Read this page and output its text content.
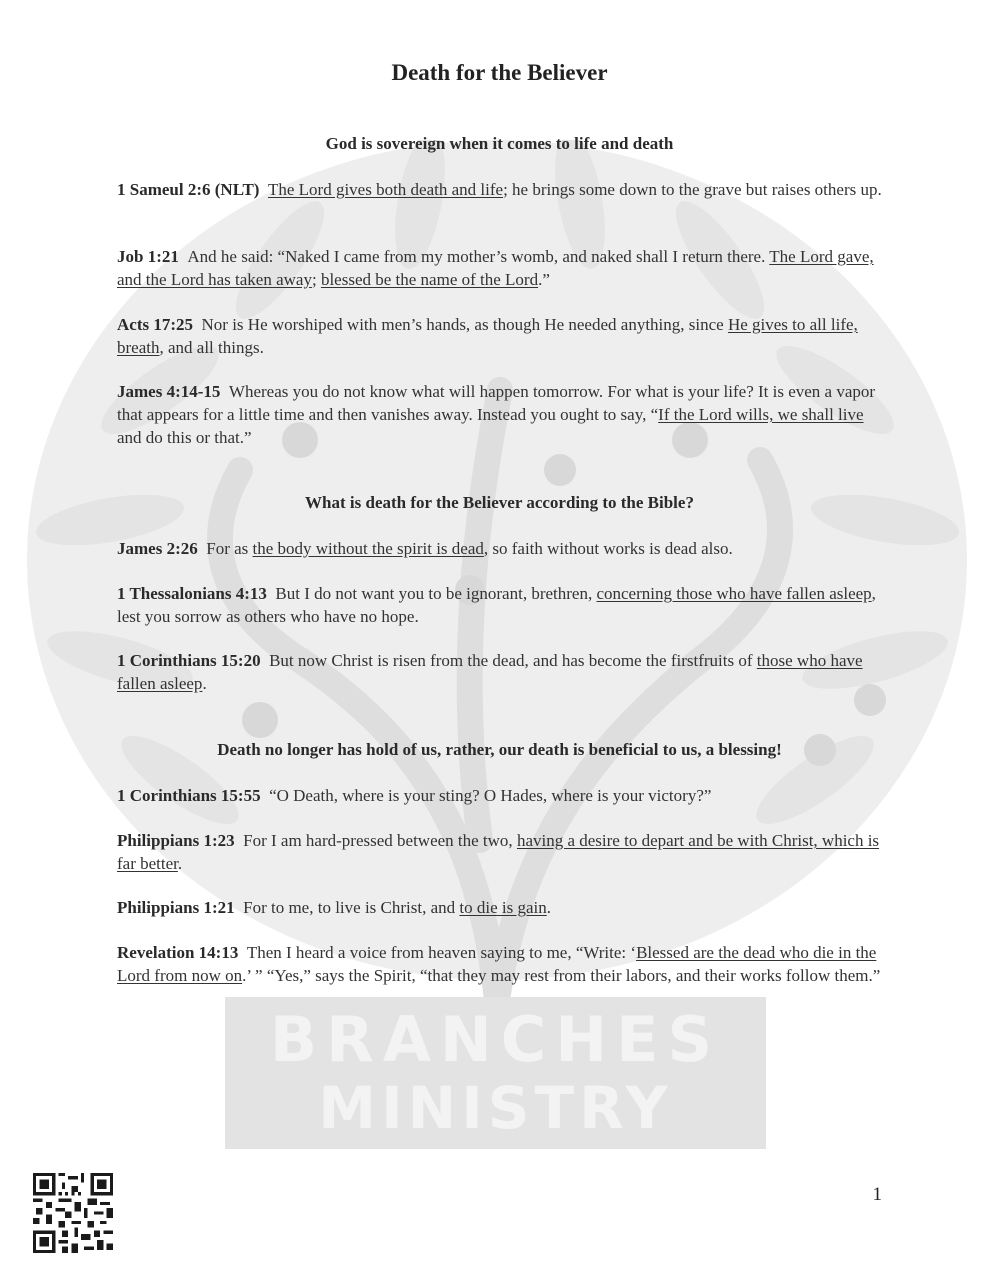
Death for the Believer
God is sovereign when it comes to life and death
1 Sameul 2:6 (NLT) The Lord gives both death and life; he brings some down to the grave but raises others up.
Job 1:21 And he said: “Naked I came from my mother’s womb, and naked shall I return there. The Lord gave, and the Lord has taken away; blessed be the name of the Lord.”
Acts 17:25 Nor is He worshiped with men’s hands, as though He needed anything, since He gives to all life, breath, and all things.
James 4:14-15 Whereas you do not know what will happen tomorrow. For what is your life? It is even a vapor that appears for a little time and then vanishes away. Instead you ought to say, “If the Lord wills, we shall live and do this or that.”
What is death for the Believer according to the Bible?
James 2:26 For as the body without the spirit is dead, so faith without works is dead also.
1 Thessalonians 4:13 But I do not want you to be ignorant, brethren, concerning those who have fallen asleep, lest you sorrow as others who have no hope.
1 Corinthians 15:20 But now Christ is risen from the dead, and has become the firstfruits of those who have fallen asleep.
Death no longer has hold of us, rather, our death is beneficial to us, a blessing!
1 Corinthians 15:55 “O Death, where is your sting? O Hades, where is your victory?”
Philippians 1:23 For I am hard-pressed between the two, having a desire to depart and be with Christ, which is far better.
Philippians 1:21 For to me, to live is Christ, and to die is gain.
Revelation 14:13 Then I heard a voice from heaven saying to me, “Write: ‘Blessed are the dead who die in the Lord from now on.’ ” “Yes,” says the Spirit, “that they may rest from their labors, and their works follow them.”
BRANCHES
MINISTRY
1
